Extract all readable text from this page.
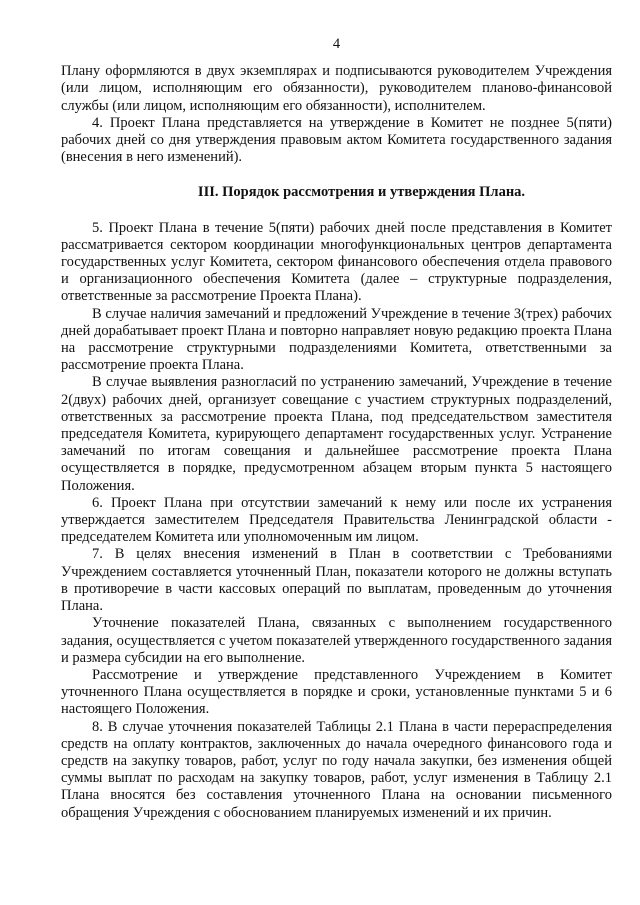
4

Плану оформляются в двух экземплярах и подписываются руководителем Учреждения (или лицом, исполняющим его обязанности), руководителем планово-финансовой службы (или лицом, исполняющим его обязанности), исполнителем.

4. Проект Плана представляется на утверждение в Комитет не позднее 5(пяти) рабочих дней со дня утверждения правовым актом Комитета государственного задания (внесения в него изменений).

III. Порядок рассмотрения и утверждения Плана.

5. Проект Плана в течение 5(пяти) рабочих дней после представления в Комитет рассматривается сектором координации многофункциональных центров департамента государственных услуг Комитета, сектором финансового обеспечения отдела правового и организационного обеспечения Комитета (далее – структурные подразделения, ответственные за рассмотрение Проекта Плана).

В случае наличия замечаний и предложений Учреждение в течение 3(трех) рабочих дней дорабатывает проект Плана и повторно направляет новую редакцию проекта Плана на рассмотрение структурными подразделениями Комитета, ответственными за рассмотрение проекта Плана.

В случае выявления разногласий по устранению замечаний, Учреждение в течение 2(двух) рабочих дней, организует совещание с участием структурных подразделений, ответственных за рассмотрение проекта Плана, под председательством заместителя председателя Комитета, курирующего департамент государственных услуг. Устранение замечаний по итогам совещания и дальнейшее рассмотрение проекта Плана осуществляется в порядке, предусмотренном абзацем вторым пункта 5 настоящего Положения.

6. Проект Плана при отсутствии замечаний к нему или после их устранения утверждается заместителем Председателя Правительства Ленинградской области - председателем Комитета или уполномоченным им лицом.

7. В целях внесения изменений в План в соответствии с Требованиями Учреждением составляется уточненный План, показатели которого не должны вступать в противоречие в части кассовых операций по выплатам, проведенным до уточнения Плана.

Уточнение показателей Плана, связанных с выполнением государственного задания, осуществляется с учетом показателей утвержденного государственного задания и размера субсидии на его выполнение.

Рассмотрение и утверждение представленного Учреждением в Комитет уточненного Плана осуществляется в порядке и сроки, установленные пунктами 5 и 6 настоящего Положения.

8. В случае уточнения показателей Таблицы 2.1 Плана в части перераспределения средств на оплату контрактов, заключенных до начала очередного финансового года и средств на закупку товаров, работ, услуг по году начала закупки, без изменения общей суммы выплат по расходам на закупку товаров, работ, услуг изменения в Таблицу 2.1 Плана вносятся без составления уточненного Плана на основании письменного обращения Учреждения с обоснованием планируемых изменений и их причин.
